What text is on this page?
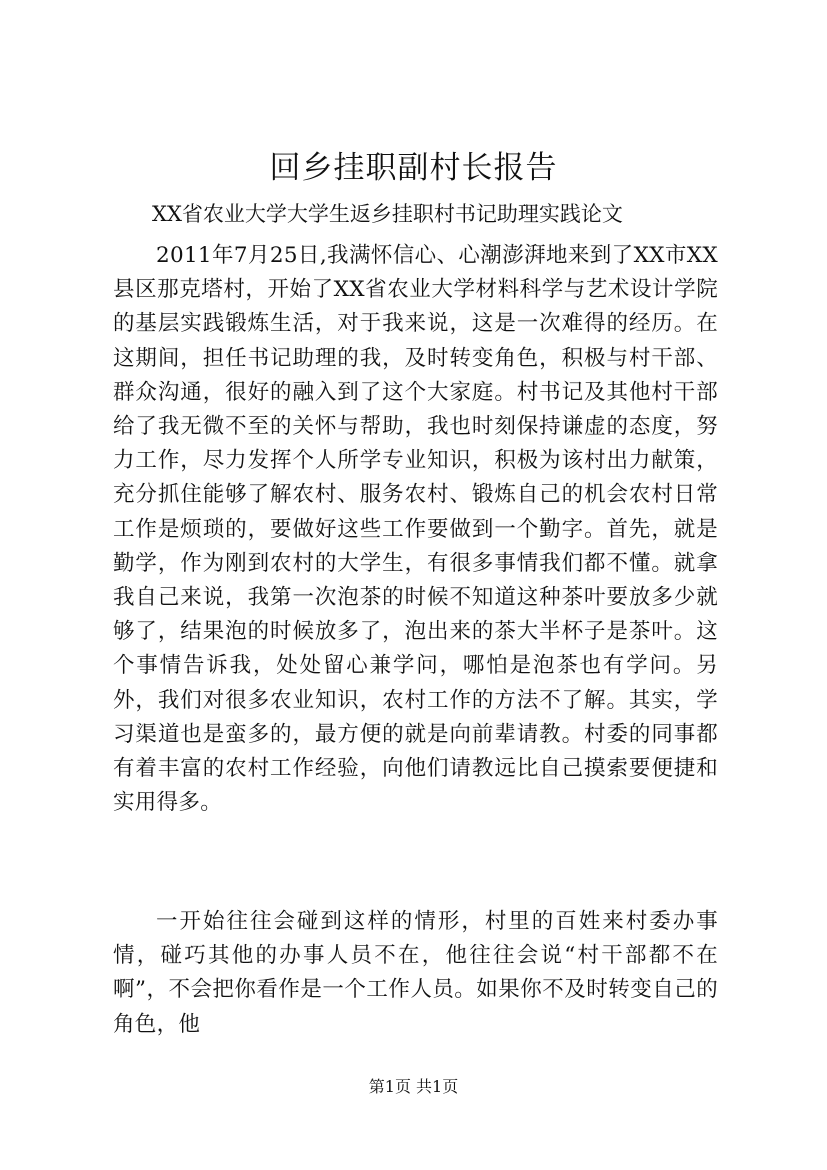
回乡挂职副村长报告

XX省农业大学大学生返乡挂职村书记助理实践论文

2011年7月25日,我满怀信心、心潮澎湃地来到了XX市XX县区那克塔村，开始了XX省农业大学材料科学与艺术设计学院的基层实践锻炼生活，对于我来说，这是一次难得的经历。在这期间，担任书记助理的我，及时转变角色，积极与村干部、群众沟通，很好的融入到了这个大家庭。村书记及其他村干部给了我无微不至的关怀与帮助，我也时刻保持谦虚的态度，努力工作，尽力发挥个人所学专业知识，积极为该村出力献策，充分抓住能够了解农村、服务农村、锻炼自己的机会农村日常工作是烦琐的，要做好这些工作要做到一个勤字。首先，就是勤学，作为刚到农村的大学生，有很多事情我们都不懂。就拿我自己来说，我第一次泡茶的时候不知道这种茶叶要放多少就够了，结果泡的时候放多了，泡出来的茶大半杯子是茶叶。这个事情告诉我，处处留心兼学问，哪怕是泡茶也有学问。另外，我们对很多农业知识，农村工作的方法不了解。其实，学习渠道也是蛮多的，最方便的就是向前辈请教。村委的同事都有着丰富的农村工作经验，向他们请教远比自己摸索要便捷和实用得多。

一开始往往会碰到这样的情形，村里的百姓来村委办事情，碰巧其他的办事人员不在，他往往会说“村干部都不在啊”，不会把你看作是一个工作人员。如果你不及时转变自己的角色，他

第1页 共1页
